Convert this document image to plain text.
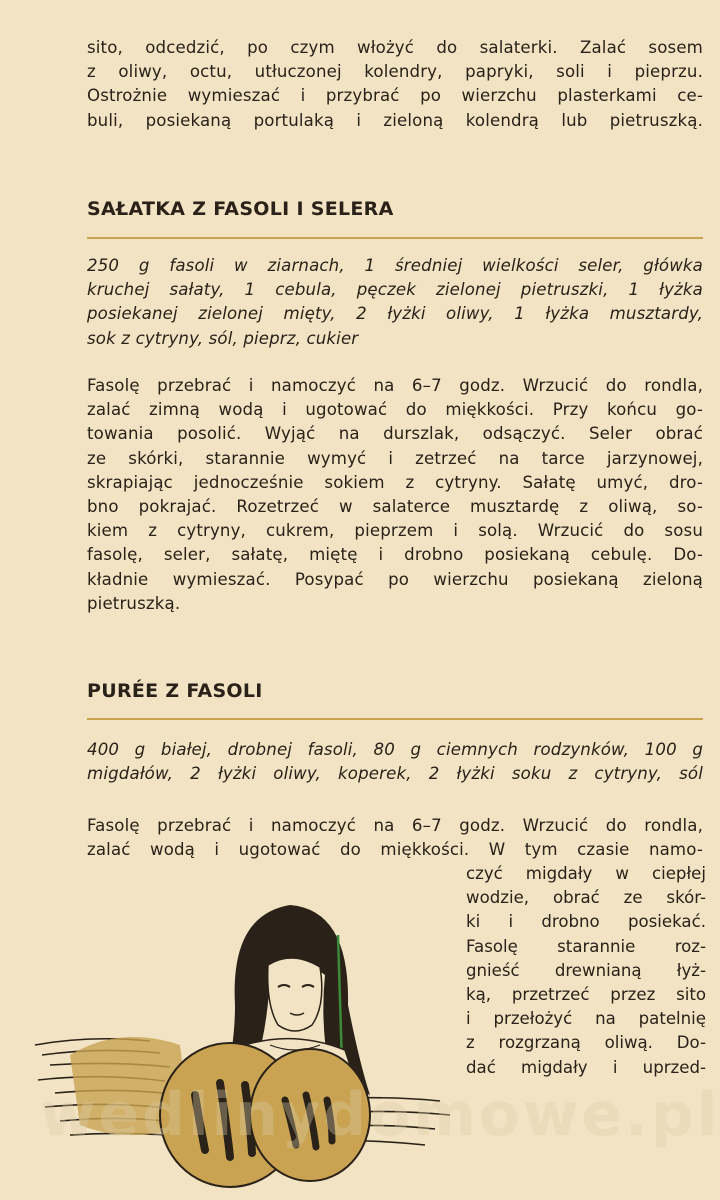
sito, odcedzić, po czym włożyć do salaterki. Zalać sosem
z oliwy, octu, utłuczonej kolendry, papryki, soli i pieprzu.
Ostrożnie wymieszać i przybrać po wierzchu plasterkami ce-
buli, posiekaną portulaką i zieloną kolendrą lub pietruszką.
SAŁATKA Z FASOLI I SELERA
250 g fasoli w ziarnach, 1 średniej wielkości seler, główka
kruchej sałaty, 1 cebula, pęczek zielonej pietruszki, 1 łyżka
posiekanej zielonej mięty, 2 łyżki oliwy, 1 łyżka musztardy,
sok z cytryny, sól, pieprz, cukier
Fasolę przebrać i namoczyć na 6–7 godz. Wrzucić do rondla,
zalać zimną wodą i ugotować do miękkości. Przy końcu go-
towania posolić. Wyjąć na durszlak, odsączyć. Seler obrać
ze skórki, starannie wymyć i zetrzeć na tarce jarzynowej,
skrapiając jednocześnie sokiem z cytryny. Sałatę umyć, dro-
bno pokrajać. Rozetrzeć w salaterce musztardę z oliwą, so-
kiem z cytryny, cukrem, pieprzem i solą. Wrzucić do sosu
fasolę, seler, sałatę, miętę i drobno posiekaną cebulę. Do-
kładnie wymieszać. Posypać po wierzchu posiekaną zieloną
pietruszką.
PURÉE Z FASOLI
400 g białej, drobnej fasoli, 80 g ciemnych rodzynków, 100 g
migdałów, 2 łyżki oliwy, koperek, 2 łyżki soku z cytryny, sól
Fasolę przebrać i namoczyć na 6–7 godz. Wrzucić do rondla,
zalać wodą i ugotować do miękkości. W tym czasie namo-
czyć migdały w ciepłej
wodzie, obrać ze skór-
ki i drobno posiekać.
Fasolę starannie roz-
gnieść drewnianą łyż-
ką, przetrzeć przez sito
i przełożyć na patelnię
z rozgrzaną oliwą. Do-
dać migdały i uprzed-
wedlinydomowe.pl
